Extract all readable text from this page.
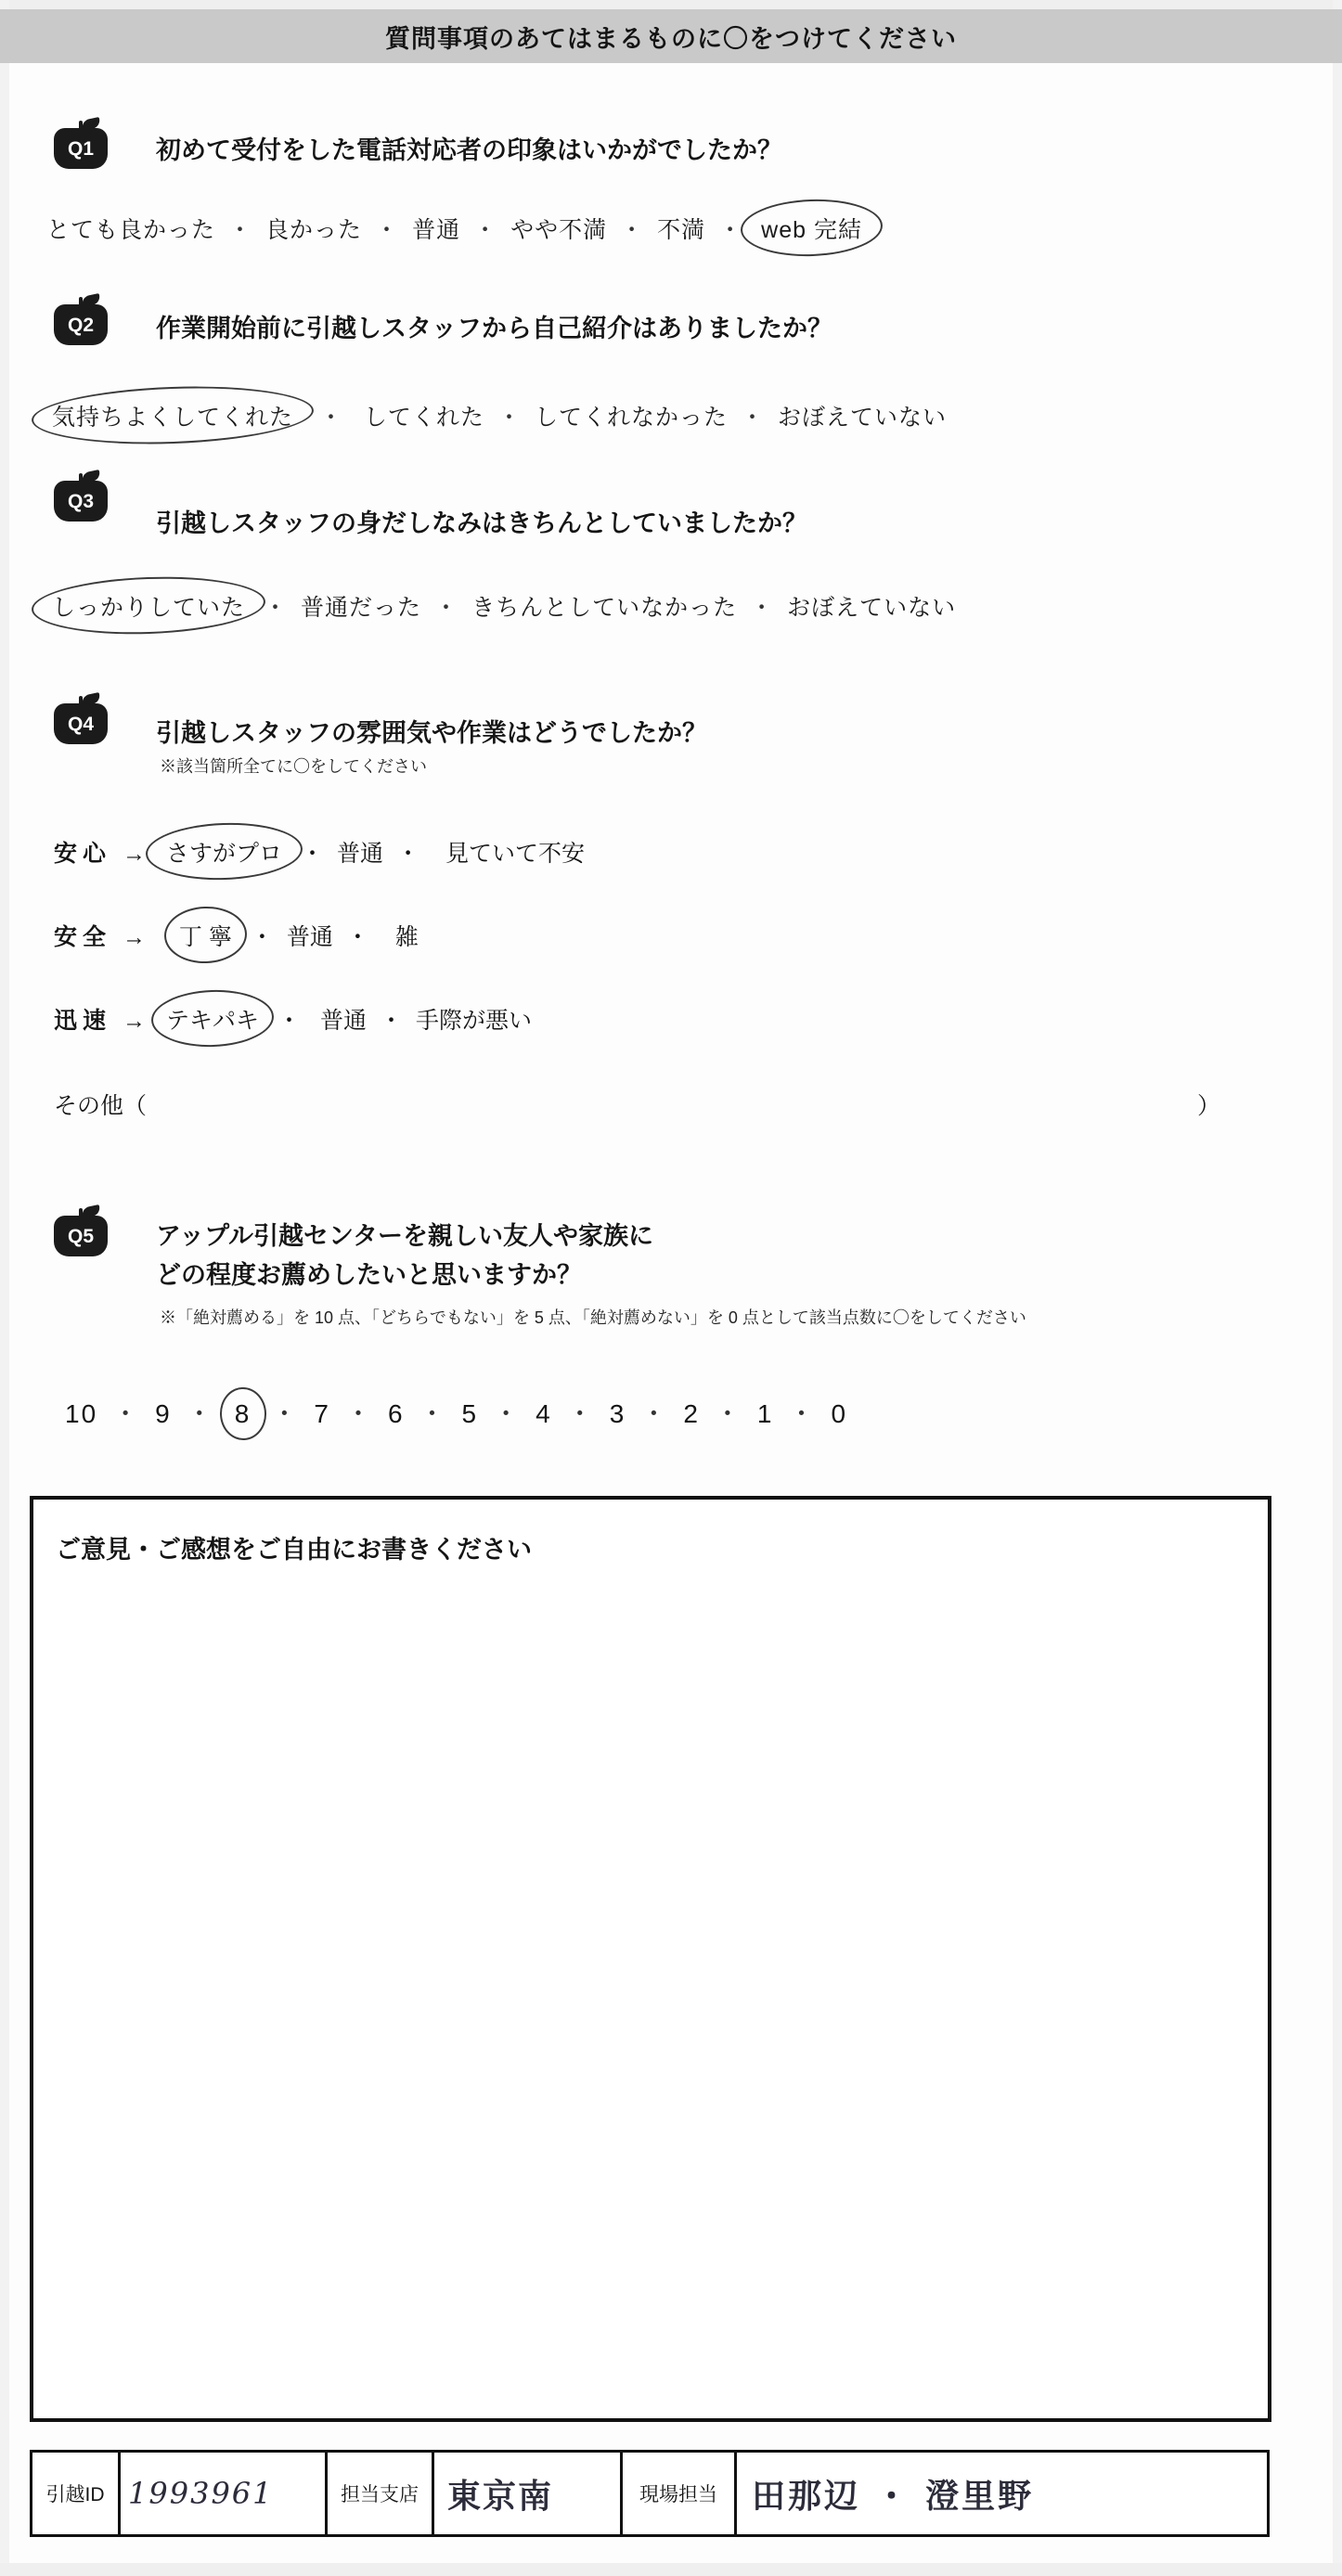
質問事項のあてはまるものに〇をつけてください
Q1	初めて受付をした電話対応者の印象はいかがでしたか？
とても良かった ・ 良かった ・ 普通 ・ やや不満 ・ 不満 ・ web 完結
Q2	作業開始前に引越しスタッフから自己紹介はありましたか？
気持ちよくしてくれた ・ してくれた ・ してくれなかった ・ おぼえていない
Q3
引越しスタッフの身だしなみはきちんとしていましたか？
しっかりしていた ・ 普通だった ・ きちんとしていなかった ・ おぼえていない
Q4	引越しスタッフの雰囲気や作業はどうでしたか？
※該当箇所全てに〇をしてください
安心 → さすがプロ ・ 普通 ・ 見ていて不安
安全 → 丁 寧 ・ 普通 ・ 雑
迅速 → テキパキ ・ 普通 ・ 手際が悪い
その他（	）
Q5	アップル引越センターを親しい友人や家族に
どの程度お薦めしたいと思いますか？
※「絶対薦める」を 10 点、「どちらでもない」を 5 点、「絶対薦めない」を 0 点として該当点数に〇をしてください
10 ・ 9 ・ 8 ・ 7 ・ 6 ・ 5 ・ 4 ・ 3 ・ 2 ・ 1 ・ 0
ご意見・ご感想をご自由にお書きください
引越ID 1993961	担当支店 東京南	現場担当	田那辺 ・ 澄里野
